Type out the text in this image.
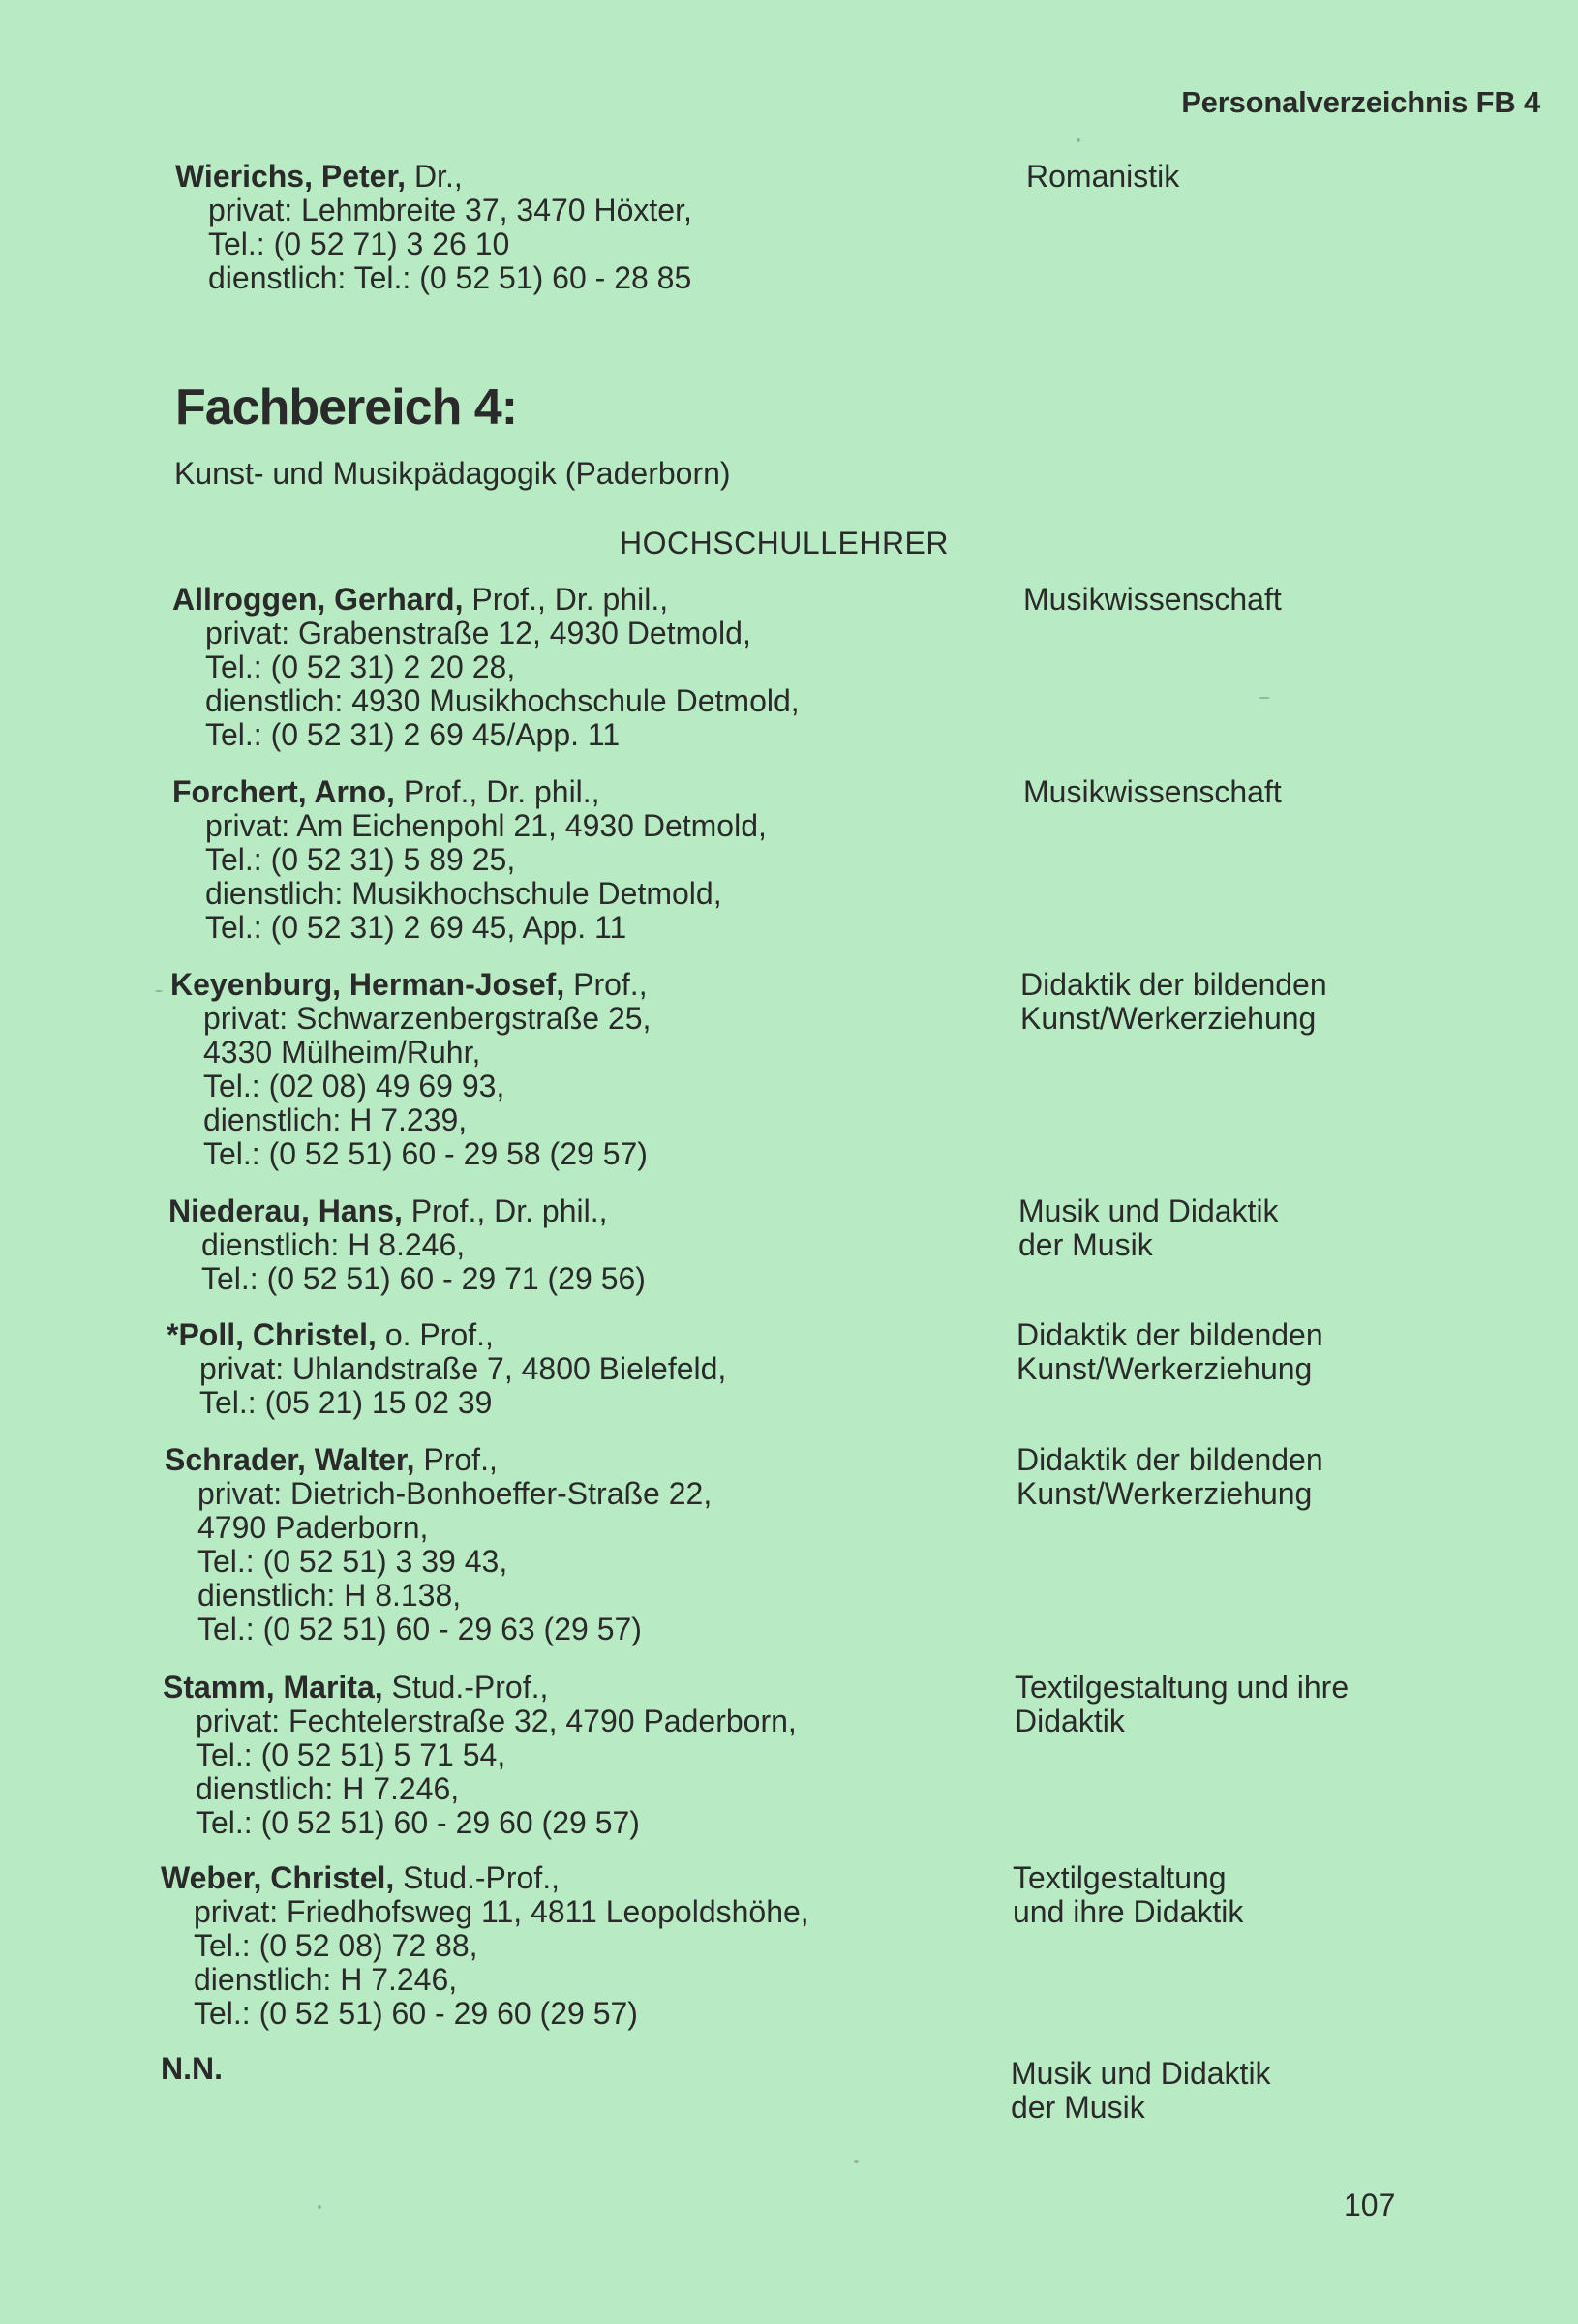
Personalverzeichnis FB 4
Wierichs, Peter, Dr.,
privat: Lehmbreite 37, 3470 Höxter,
Tel.: (0 52 71) 3 26 10
dienstlich: Tel.: (0 52 51) 60 - 28 85
Romanistik
Fachbereich 4:
Kunst- und Musikpädagogik (Paderborn)
HOCHSCHULLEHRER
Allroggen, Gerhard, Prof., Dr. phil.,
privat: Grabenstraße 12, 4930 Detmold,
Tel.: (0 52 31) 2 20 28,
dienstlich: 4930 Musikhochschule Detmold,
Tel.: (0 52 31) 2 69 45/App. 11
Musikwissenschaft
Forchert, Arno, Prof., Dr. phil.,
privat: Am Eichenpohl 21, 4930 Detmold,
Tel.: (0 52 31) 5 89 25,
dienstlich: Musikhochschule Detmold,
Tel.: (0 52 31) 2 69 45, App. 11
Musikwissenschaft
Keyenburg, Herman-Josef, Prof.,
privat: Schwarzenbergstraße 25,
4330 Mülheim/Ruhr,
Tel.: (02 08) 49 69 93,
dienstlich: H 7.239,
Tel.: (0 52 51) 60 - 29 58 (29 57)
Didaktik der bildenden
Kunst/Werkerziehung
Niederau, Hans, Prof., Dr. phil.,
dienstlich: H 8.246,
Tel.: (0 52 51) 60 - 29 71 (29 56)
Musik und Didaktik
der Musik
*Poll, Christel, o. Prof.,
privat: Uhlandstraße 7, 4800 Bielefeld,
Tel.: (05 21) 15 02 39
Didaktik der bildenden
Kunst/Werkerziehung
Schrader, Walter, Prof.,
privat: Dietrich-Bonhoeffer-Straße 22,
4790 Paderborn,
Tel.: (0 52 51) 3 39 43,
dienstlich: H 8.138,
Tel.: (0 52 51) 60 - 29 63 (29 57)
Didaktik der bildenden
Kunst/Werkerziehung
Stamm, Marita, Stud.-Prof.,
privat: Fechtelerstraße 32, 4790 Paderborn,
Tel.: (0 52 51) 5 71 54,
dienstlich: H 7.246,
Tel.: (0 52 51) 60 - 29 60 (29 57)
Textilgestaltung und ihre
Didaktik
Weber, Christel, Stud.-Prof.,
privat: Friedhofsweg 11, 4811 Leopoldshöhe,
Tel.: (0 52 08) 72 88,
dienstlich: H 7.246,
Tel.: (0 52 51) 60 - 29 60 (29 57)
Textilgestaltung
und ihre Didaktik
N.N.	Musik und Didaktik
der Musik
107
